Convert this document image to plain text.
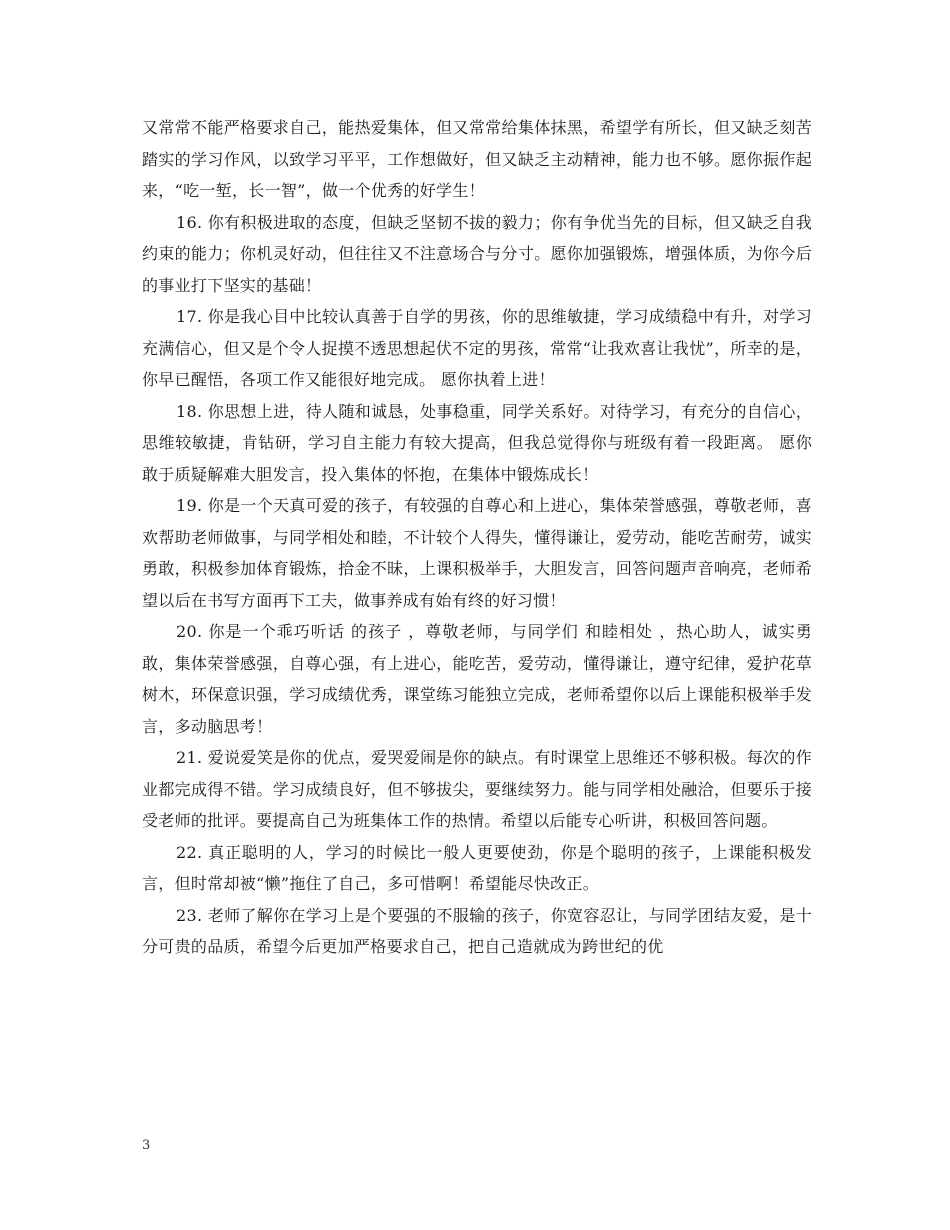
又常常不能严格要求自己，能热爱集体，但又常常给集体抹黑，希望学有所长，但又缺乏刻苦踏实的学习作风，以致学习平平，工作想做好，但又缺乏主动精神，能力也不够。愿你振作起来，“吃一堑，长一智”，做一个优秀的好学生！

16. 你有积极进取的态度，但缺乏坚韧不拔的毅力；你有争优当先的目标，但又缺乏自我约束的能力；你机灵好动，但往往又不注意场合与分寸。愿你加强锻炼，增强体质，为你今后的事业打下坚实的基础！

17. 你是我心目中比较认真善于自学的男孩，你的思维敏捷，学习成绩稳中有升，对学习充满信心，但又是个令人捉摸不透思想起伏不定的男孩，常常“让我欢喜让我忧”，所幸的是，你早已醒悟，各项工作又能很好地完成。 愿你执着上进！

18. 你思想上进，待人随和诚恳，处事稳重，同学关系好。对待学习，有充分的自信心，思维较敏捷，肯钻研，学习自主能力有较大提高，但我总觉得你与班级有着一段距离。 愿你敢于质疑解难大胆发言，投入集体的怀抱，在集体中锻炼成长！

19. 你是一个天真可爱的孩子，有较强的自尊心和上进心，集体荣誉感强，尊敬老师，喜欢帮助老师做事，与同学相处和睦，不计较个人得失，懂得谦让，爱劳动，能吃苦耐劳，诚实勇敢，积极参加体育锻炼，拾金不昧，上课积极举手，大胆发言，回答问题声音响亮，老师希望以后在书写方面再下工夫，做事养成有始有终的好习惯！

20. 你是一个乖巧听话 的孩子 ，尊敬老师，与同学们 和睦相处 ，热心助人，诚实勇敢，集体荣誉感强，自尊心强，有上进心，能吃苦，爱劳动，懂得谦让，遵守纪律，爱护花草树木，环保意识强，学习成绩优秀，课堂练习能独立完成，老师希望你以后上课能积极举手发言，多动脑思考！

21. 爱说爱笑是你的优点，爱哭爱闹是你的缺点。有时课堂上思维还不够积极。每次的作业都完成得不错。学习成绩良好，但不够拔尖，要继续努力。能与同学相处融洽，但要乐于接受老师的批评。要提高自己为班集体工作的热情。希望以后能专心听讲，积极回答问题。

22. 真正聪明的人，学习的时候比一般人更要使劲，你是个聪明的孩子，上课能积极发言，但时常却被“懒”拖住了自己，多可惜啊！希望能尽快改正。

23. 老师了解你在学习上是个要强的不服输的孩子，你宽容忍让，与同学团结友爱，是十分可贵的品质，希望今后更加严格要求自己，把自己造就成为跨世纪的优

3
